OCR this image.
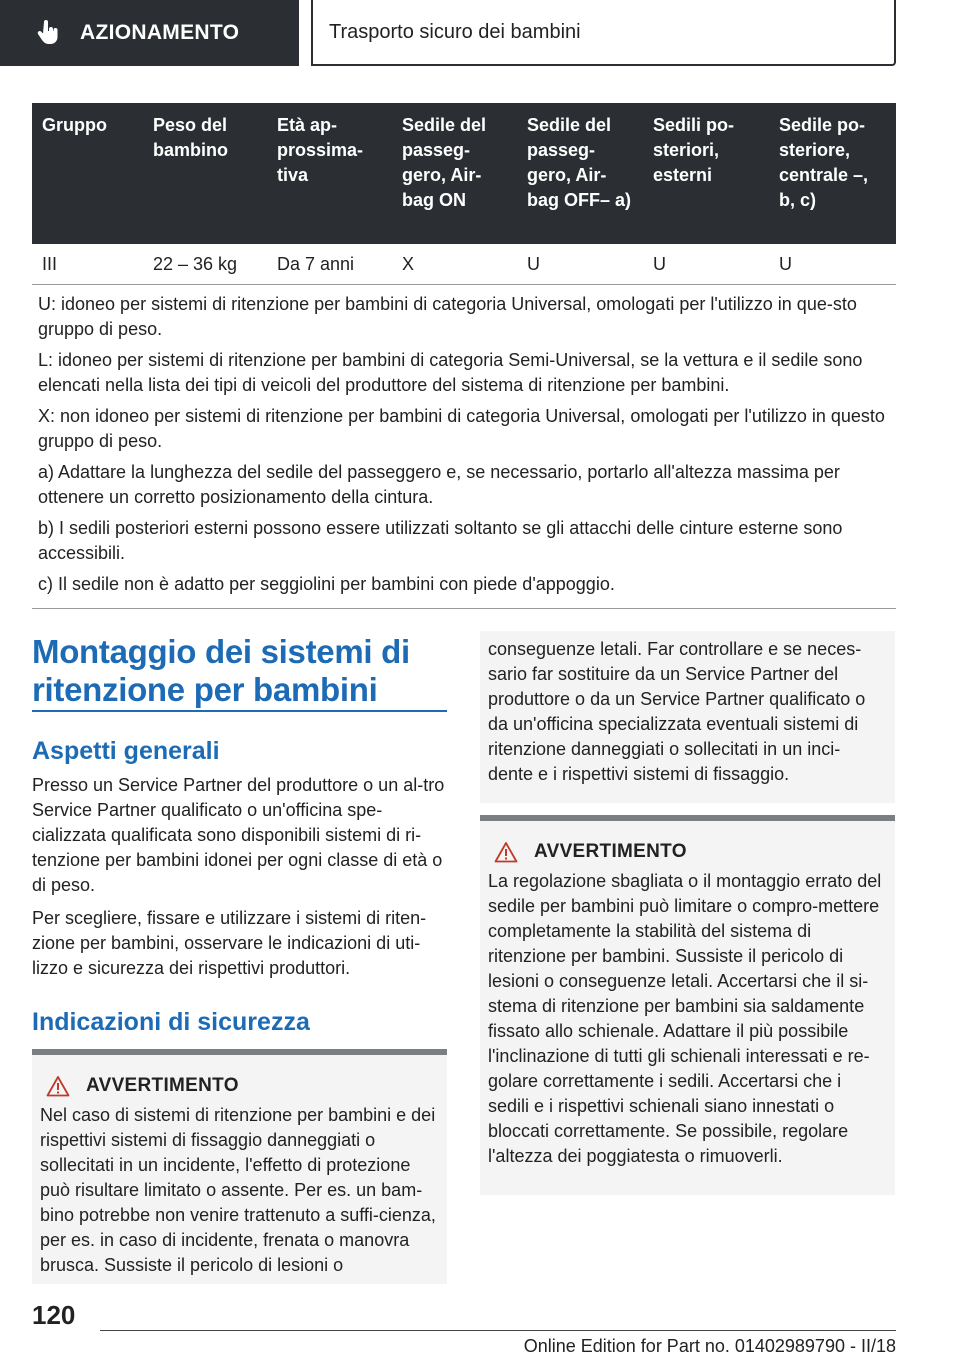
AZIONAMENTO	Trasporto sicuro dei bambini
Gruppo	Peso del bambino	Età ap-prossima-tiva	Sedile del passeg-gero, Air-bag ON	Sedile del passeg-gero, Air-bag OFF– a)	Sedili po-steriori, esterni	Sedile po-steriore, centrale –, b, c)
III	22 – 36 kg	Da 7 anni	X	U	U	U

U: idoneo per sistemi di ritenzione per bambini di categoria Universal, omologati per l'utilizzo in que-sto gruppo di peso.

L: idoneo per sistemi di ritenzione per bambini di categoria Semi-Universal, se la vettura e il sedile sono elencati nella lista dei tipi di veicoli del produttore del sistema di ritenzione per bambini.

X: non idoneo per sistemi di ritenzione per bambini di categoria Universal, omologati per l'utilizzo in questo gruppo di peso.

a) Adattare la lunghezza del sedile del passeggero e, se necessario, portarlo all'altezza massima per ottenere un corretto posizionamento della cintura.

b) I sedili posteriori esterni possono essere utilizzati soltanto se gli attacchi delle cinture esterne sono accessibili.

c) Il sedile non è adatto per seggiolini per bambini con piede d'appoggio.

Montaggio dei sistemi di ritenzione per bambini
Aspetti generali
Presso un Service Partner del produttore o un al-tro Service Partner qualificato o un'officina spe-cializzata qualificata sono disponibili sistemi di ri-tenzione per bambini idonei per ogni classe di età o di peso.
Per scegliere, fissare e utilizzare i sistemi di riten-zione per bambini, osservare le indicazioni di uti-lizzo e sicurezza dei rispettivi produttori.
Indicazioni di sicurezza
AVVERTIMENTO
Nel caso di sistemi di ritenzione per bambini e dei rispettivi sistemi di fissaggio danneggiati o sollecitati in un incidente, l'effetto di protezione può risultare limitato o assente. Per es. un bam-bino potrebbe non venire trattenuto a suffi-cienza, per es. in caso di incidente, frenata o manovra brusca. Sussiste il pericolo di lesioni o
conseguenze letali. Far controllare e se neces-sario far sostituire da un Service Partner del produttore o da un Service Partner qualificato o da un'officina specializzata eventuali sistemi di ritenzione danneggiati o sollecitati in un inci-dente e i rispettivi sistemi di fissaggio.
AVVERTIMENTO
La regolazione sbagliata o il montaggio errato del sedile per bambini può limitare o compro-mettere completamente la stabilità del sistema di ritenzione per bambini. Sussiste il pericolo di lesioni o conseguenze letali. Accertarsi che il si-stema di ritenzione per bambini sia saldamente fissato allo schienale. Adattare il più possibile l'inclinazione di tutti gli schienali interessati e re-golare correttamente i sedili. Accertarsi che i sedili e i rispettivi schienali siano innestati o bloccati correttamente. Se possibile, regolare l'altezza dei poggiatesta o rimuoverli.
120
Online Edition for Part no. 01402989790 - II/18
